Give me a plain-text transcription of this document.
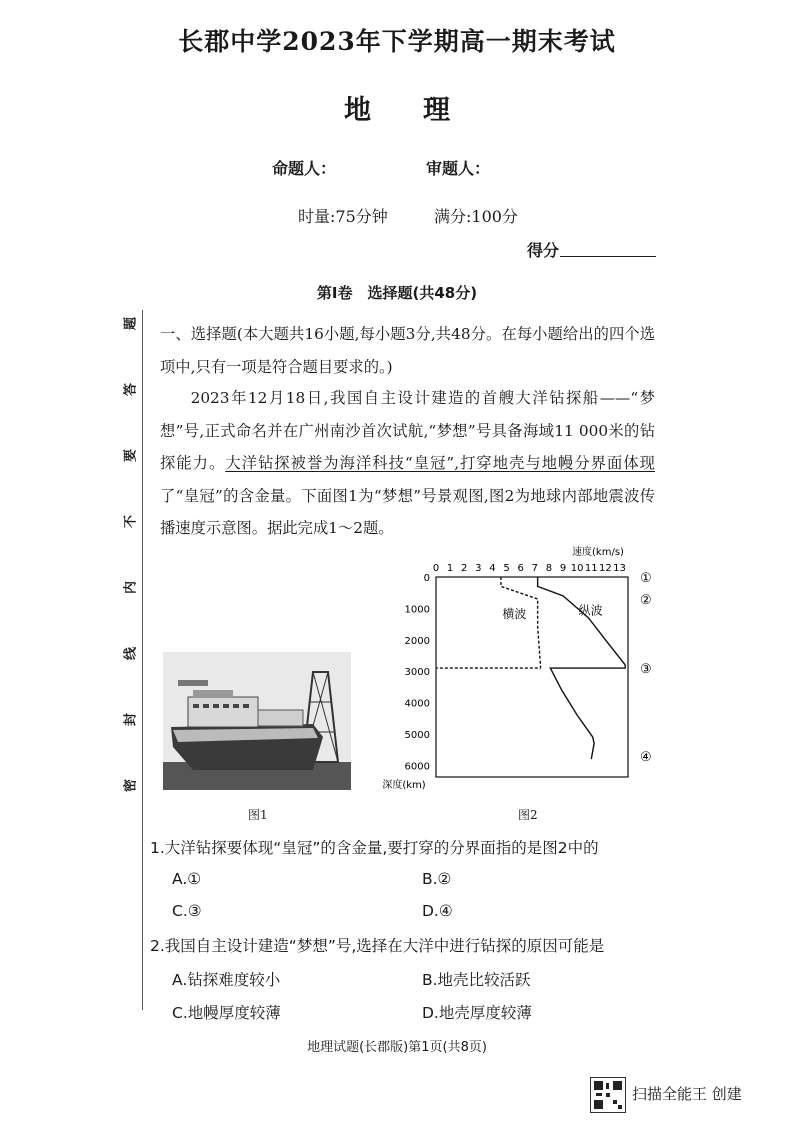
长郡中学2023年下学期高一期末考试
地 理
命题人：	审题人：
时量:75分钟	满分:100分
得分
题
答
要
不
内
线
封
密
第Ⅰ卷　选择题(共48分)
一、选择题(本大题共16小题,每小题3分,共48分。在每小题给出的四个选项中,只有一项是符合题目要求的。)
2023年12月18日,我国自主设计建造的首艘大洋钻探船——“梦想”号,正式命名并在广州南沙首次试航,“梦想”号具备海域11 000米的钻探能力。大洋钻探被誉为海洋科技“皇冠”,打穿地壳与地幔分界面体现了“皇冠”的含金量。下面图1为“梦想”号景观图,图2为地球内部地震波传播速度示意图。据此完成1～2题。
速度(km/s)
0 1 2 3 4 5 6 7 8 9 10 11 12 13
0
1000
2000
3000
4000
5000
6000
①
②
③
④
深度(km)
横波	纵波
图1	图2
1.大洋钻探要体现“皇冠”的含金量,要打穿的分界面指的是图2中的
A.①	B.②
C.③	D.④
2.我国自主设计建造“梦想”号,选择在大洋中进行钻探的原因可能是
A.钻探难度较小	B.地壳比较活跃
C.地幔厚度较薄	D.地壳厚度较薄
地理试题(长郡版)第1页(共8页)
扫描全能王 创建
